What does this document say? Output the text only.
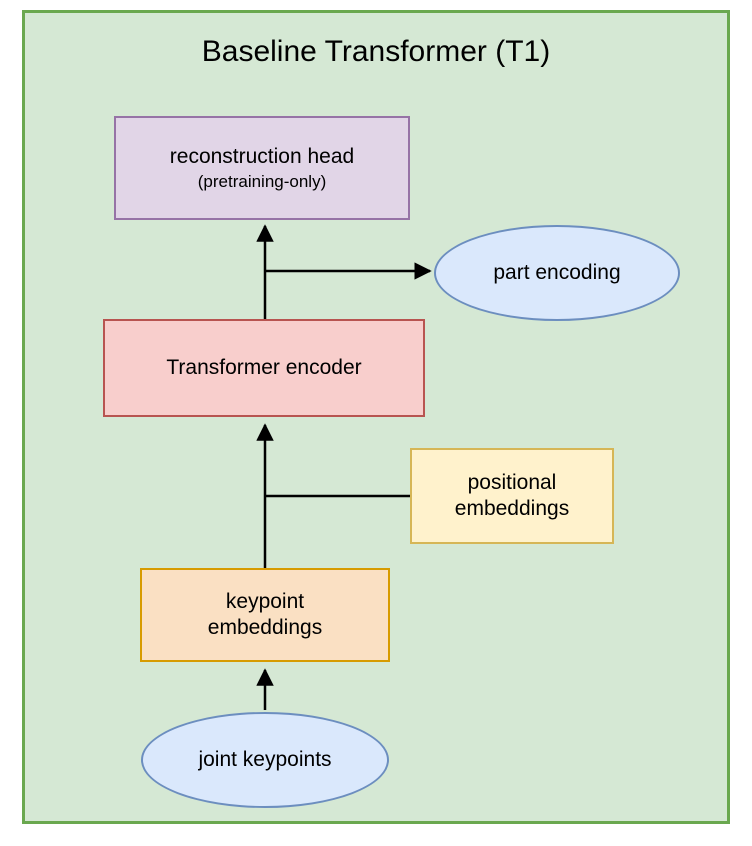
Baseline Transformer (T1)
reconstruction head
(pretraining-only)
part encoding
Transformer encoder
positional
embeddings
keypoint
embeddings
joint keypoints
